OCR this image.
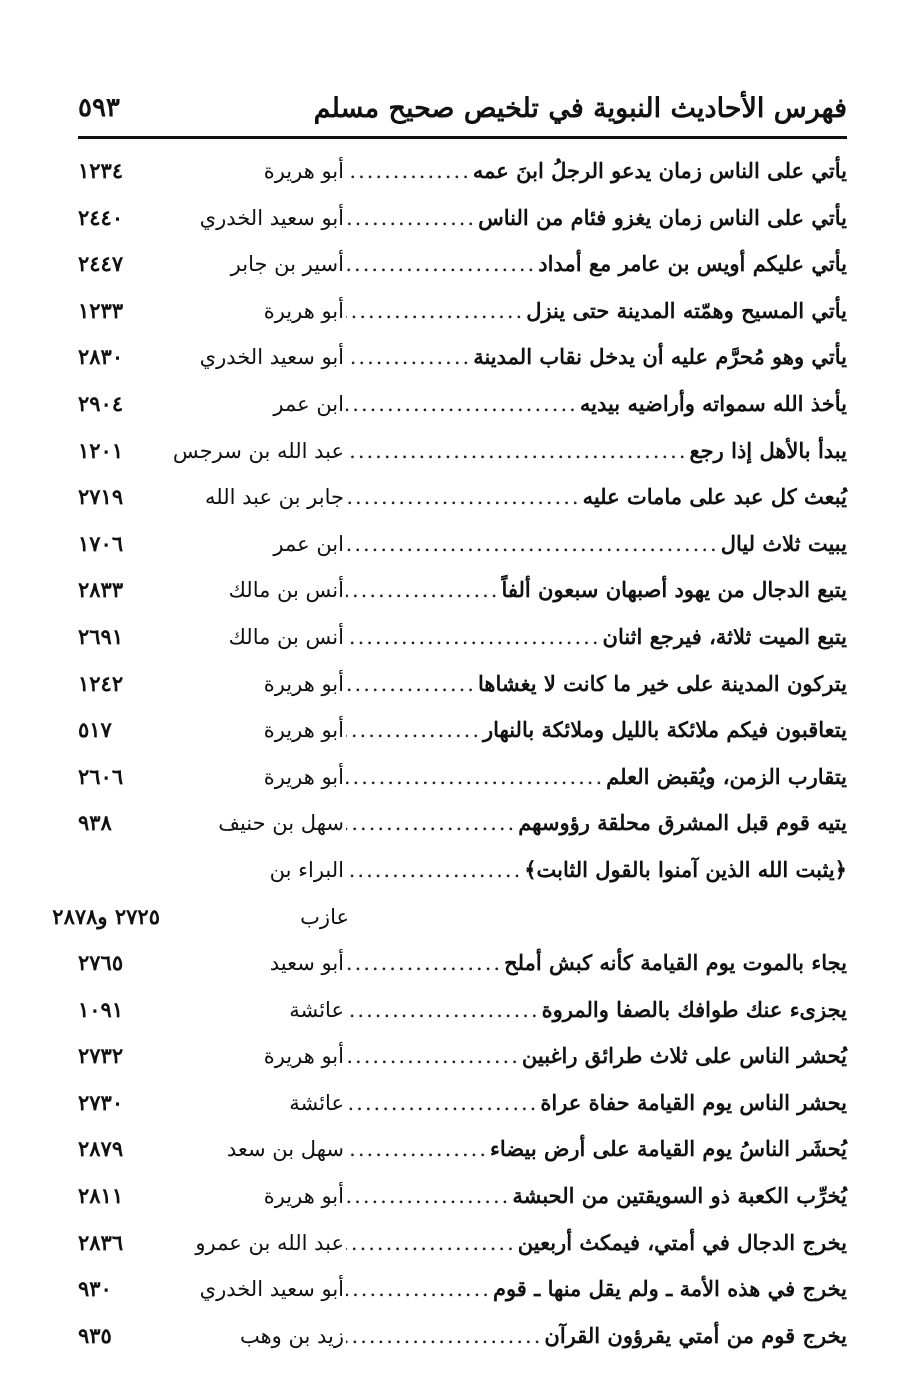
فهرس الأحاديث النبوية في تلخيص صحيح مسلم
٥٩٣
يأتي على الناس زمان يدعو الرجلُ ابنَ عمه
.....
أبو هريرة
١٢٣٤
يأتي على الناس زمان يغزو فئام من الناس
.....
أبو سعيد الخدري
٢٤٤٠
يأتي عليكم أويس بن عامر مع أمداد
.....
أسير بن جابر
٢٤٤٧
يأتي المسيح وهمّته المدينة حتى ينزل
.....
أبو هريرة
١٢٣٣
يأتي وهو مُحرَّم عليه أن يدخل نقاب المدينة
.....
أبو سعيد الخدري
٢٨٣٠
يأخذ الله سمواته وأراضيه بيديه
.....
ابن عمر
٢٩٠٤
يبدأ بالأهل إذا رجع
.....
عبد الله بن سرجس
١٢٠١
يُبعث كل عبد على مامات عليه
.....
جابر بن عبد الله
٢٧١٩
يبيت ثلاث ليال
.....
ابن عمر
١٧٠٦
يتبع الدجال من يهود أصبهان سبعون ألفاً
.....
أنس بن مالك
٢٨٣٣
يتبع الميت ثلاثة، فيرجع اثنان
.....
أنس بن مالك
٢٦٩١
يتركون المدينة على خير ما كانت لا يغشاها
.....
أبو هريرة
١٢٤٢
يتعاقبون فيكم ملائكة بالليل وملائكة بالنهار
.....
أبو هريرة
٥١٧
يتقارب الزمن، ويُقبض العلم
.....
أبو هريرة
٢٦٠٦
يتيه قوم قبل المشرق محلقة رؤوسهم
.....
سهل بن حنيف
٩٣٨
﴿يثبت الله الذين آمنوا بالقول الثابت﴾
.....
البراء بن
عازب
.....
٢٧٢٥ و٢٨٧٨
يجاء بالموت يوم القيامة كأنه كبش أملح
.....
أبو سعيد
٢٧٦٥
يجزىء عنك طوافك بالصفا والمروة
.....
عائشة
١٠٩١
يُحشر الناس على ثلاث طرائق راغبين
.....
أبو هريرة
٢٧٣٢
يحشر الناس يوم القيامة حفاة عراة
.....
عائشة
٢٧٣٠
يُحشَر الناسُ يوم القيامة على أرض بيضاء
.....
سهل بن سعد
٢٨٧٩
يُخرِّب الكعبة ذو السويقتين من الحبشة
.....
أبو هريرة
٢٨١١
يخرج الدجال في أمتي، فيمكث أربعين
.....
عبد الله بن عمرو
٢٨٣٦
يخرج في هذه الأمة ـ ولم يقل منها ـ قوم
.....
أبو سعيد الخدري
٩٣٠
يخرج قوم من أمتي يقرؤون القرآن
.....
زيد بن وهب
٩٣٥
